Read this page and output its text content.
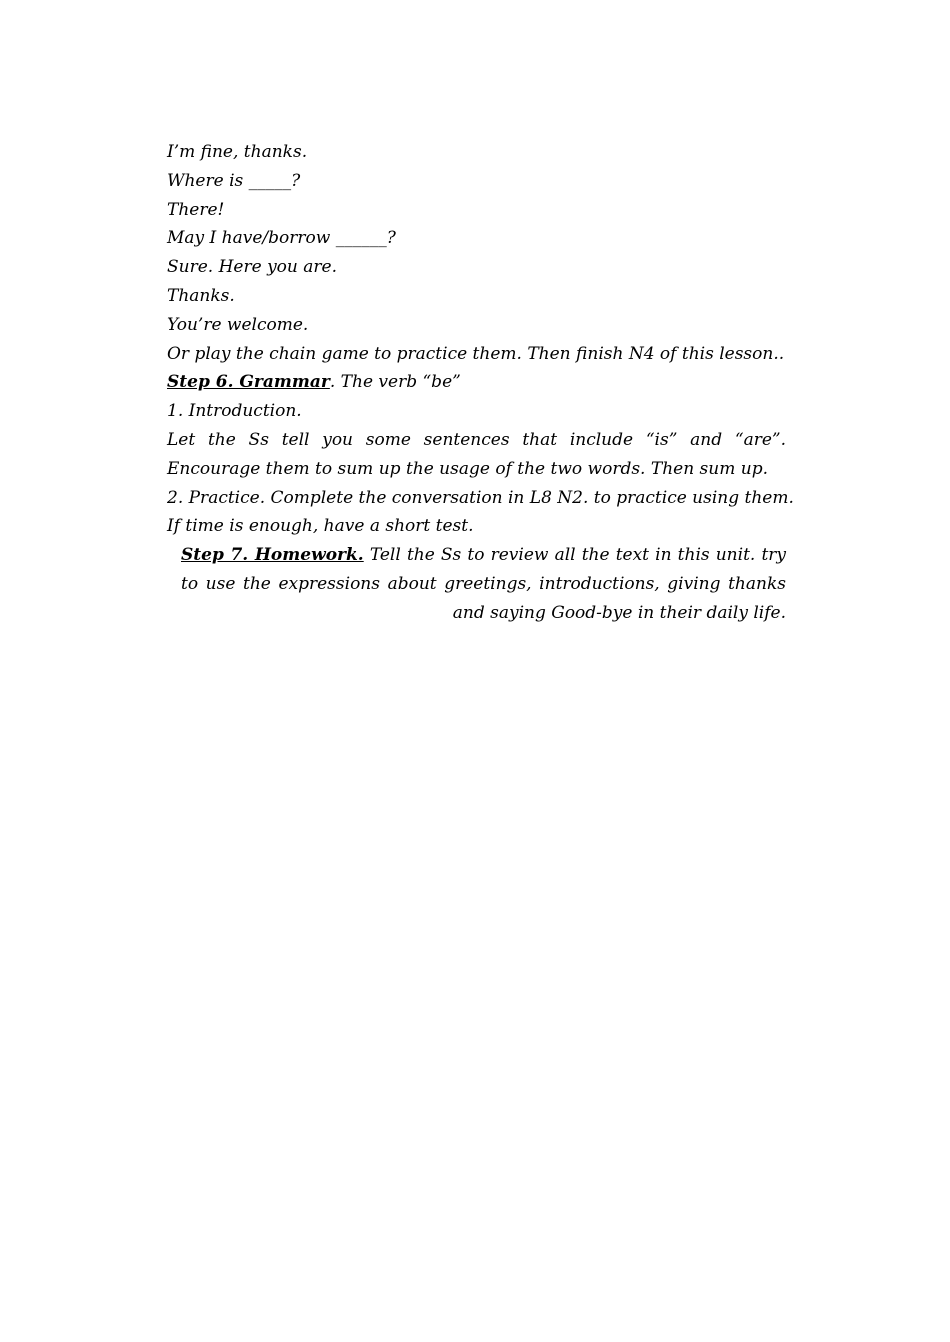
I’m fine, thanks.
Where is _____?
There!
May I have/borrow ______?
Sure. Here you are.
Thanks.
You’re welcome.
Or play the chain game to practice them. Then finish N4 of this lesson..
Step 6. Grammar. The verb “be”
1. Introduction.
Let the Ss tell you some sentences that include “is” and “are”. Encourage them to sum up the usage of the two words. Then sum up.
2. Practice. Complete the conversation in L8 N2. to practice using them.
If time is enough, have a short test.
Step 7. Homework. Tell the Ss to review all the text in this unit. try to use the expressions about greetings, introductions, giving thanks and saying Good-bye in their daily life.
